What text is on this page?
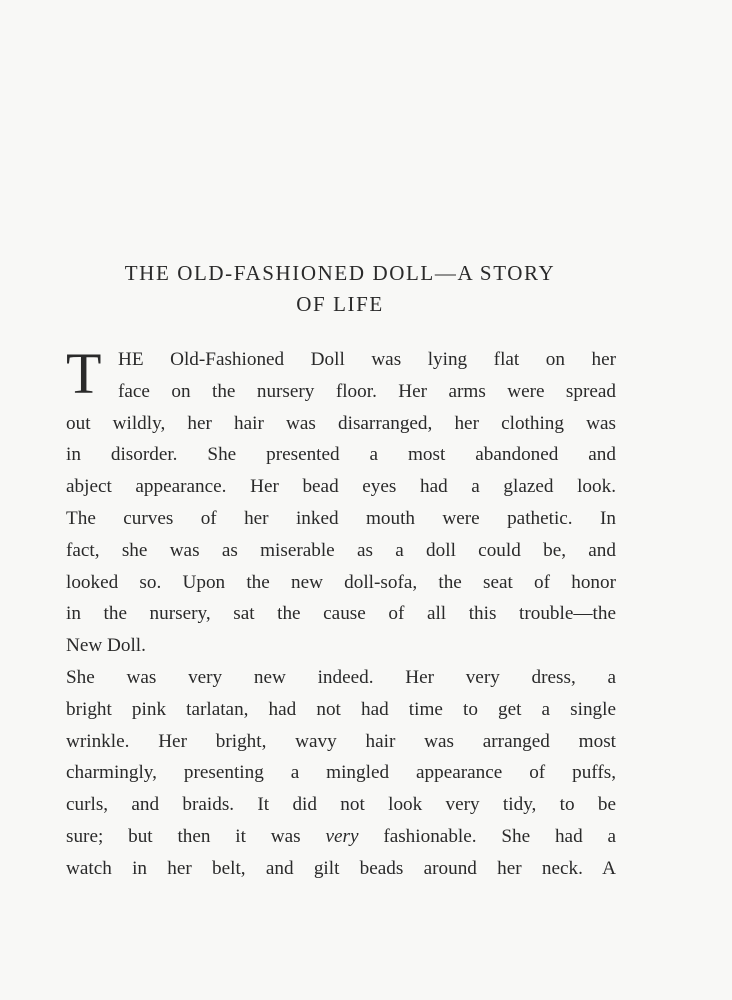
THE OLD-FASHIONED DOLL—A STORY
OF LIFE
T HE Old-Fashioned Doll was lying flat on her
face on the nursery floor. Her arms were spread
out wildly, her hair was disarranged, her clothing was
in disorder. She presented a most abandoned and
abject appearance. Her bead eyes had a glazed look.
The curves of her inked mouth were pathetic. In
fact, she was as miserable as a doll could be, and
looked so. Upon the new doll-sofa, the seat of honor
in the nursery, sat the cause of all this trouble—the
New Doll.
She was very new indeed. Her very dress, a
bright pink tarlatan, had not had time to get a single
wrinkle. Her bright, wavy hair was arranged most
charmingly, presenting a mingled appearance of puffs,
curls, and braids. It did not look very tidy, to be
sure; but then it was very fashionable. She had a
watch in her belt, and gilt beads around her neck. A
